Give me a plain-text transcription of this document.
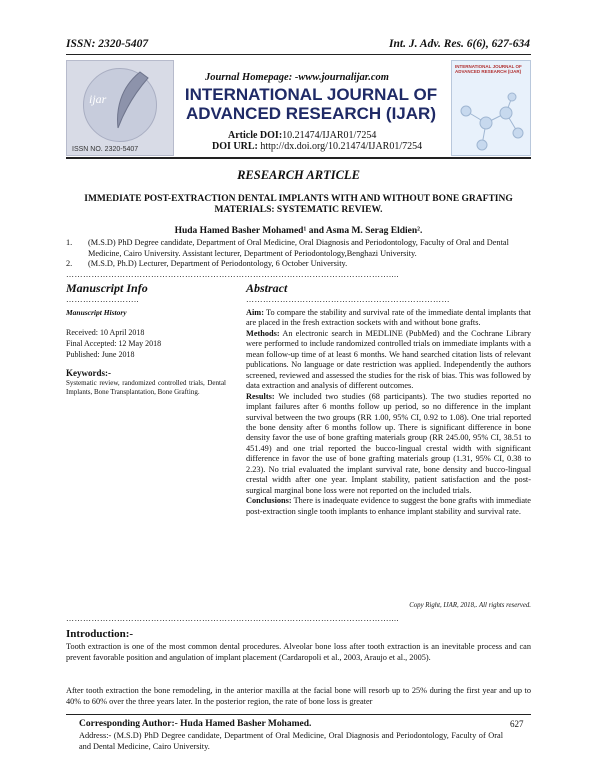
ISSN: 2320-5407	Int. J. Adv. Res. 6(6), 627-634
ijar
ISSN NO. 2320-5407
Journal Homepage: -www.journalijar.com
INTERNATIONAL JOURNAL OF
ADVANCED RESEARCH (IJAR)
INTERNATIONAL JOURNAL OF ADVANCED RESEARCH (IJAR)
Article DOI:10.21474/IJAR01/7254
DOI URL: http://dx.doi.org/10.21474/IJAR01/7254
RESEARCH ARTICLE
IMMEDIATE POST-EXTRACTION DENTAL IMPLANTS WITH AND WITHOUT BONE GRAFTING
MATERIALS: SYSTEMATIC REVIEW.
Huda Hamed Basher Mohamed¹ and Asma M. Serag Eldien².
1. (M.S.D) PhD Degree candidate, Department of Oral Medicine, Oral Diagnosis and Periodontology, Faculty of Oral and Dental Medicine, Cairo University. Assistant lecturer, Department of Periodontology,Benghazi University.
2. (M.S.D, Ph.D) Lecturer, Department of Periodontology, 6 October University.
……………………………………………………………………………………………………....
Manuscript Info	Abstract
……………………..	………………………………………………………………
Manuscript History
Received: 10 April 2018
Final Accepted: 12 May 2018
Published: June 2018
Keywords:-
Systematic review, randomized controlled trials, Dental Implants, Bone Transplantation, Bone Grafting.

Aim: To compare the stability and survival rate of the immediate dental implants that are placed in the fresh extraction sockets with and without bone grafts.

Methods: An electronic search in MEDLINE (PubMed) and the Cochrane Library were performed to include randomized controlled trials on immediate implants with a mean follow-up time of at least 6 months. We hand searched citation lists of relevant publications. No language or date restriction was applied. Independently the authors screened, reviewed and assessed the studies for the risk of bias. This was followed by data extraction and analysis of different outcomes.

Results: We included two studies (68 participants). The two studies reported no implant failures after 6 months follow up period, so no difference in the implant survival between the two groups (RR 1.00, 95% CI, 0.92 to 1.08). One trial reported the bone density after 6 months follow up. There is significant difference in bone density favor the use of bone grafting materials group (RR 245.00, 95% CI, 38.51 to 451.49) and one trial reported the bucco-lingual crestal width with significant difference in favor the use of bone grafting materials group (1.31, 95% CI, 0.38 to 2.23). No trial evaluated the implant survival rate, bone density and bucco-lingual crestal width after one year. Implant stability, patient satisfaction and the post-surgical marginal bone loss were not reported on the included trials.

Conclusions: There is inadequate evidence to suggest the bone grafts with immediate post-extraction single tooth implants to enhance implant stability and survival rate.

Copy Right, IJAR, 2018,. All rights reserved.
……………………………………………………………………………………………………....
Introduction:-
Tooth extraction is one of the most common dental procedures. Alveolar bone loss after tooth extraction is an inevitable process and can prevent favorable position and angulation of implant placement (Cardaropoli et al., 2003, Araujo et al., 2005).
After tooth extraction the bone remodeling, in the anterior maxilla at the facial bone will resorb up to 25% during the first year and up to 40% to 60% over the three years later. In the posterior region, the rate of bone loss is greater
Corresponding Author:- Huda Hamed Basher Mohamed.
Address:- (M.S.D) PhD Degree candidate, Department of Oral Medicine, Oral Diagnosis and Periodontology, Faculty of Oral and Dental Medicine, Cairo University.
627
